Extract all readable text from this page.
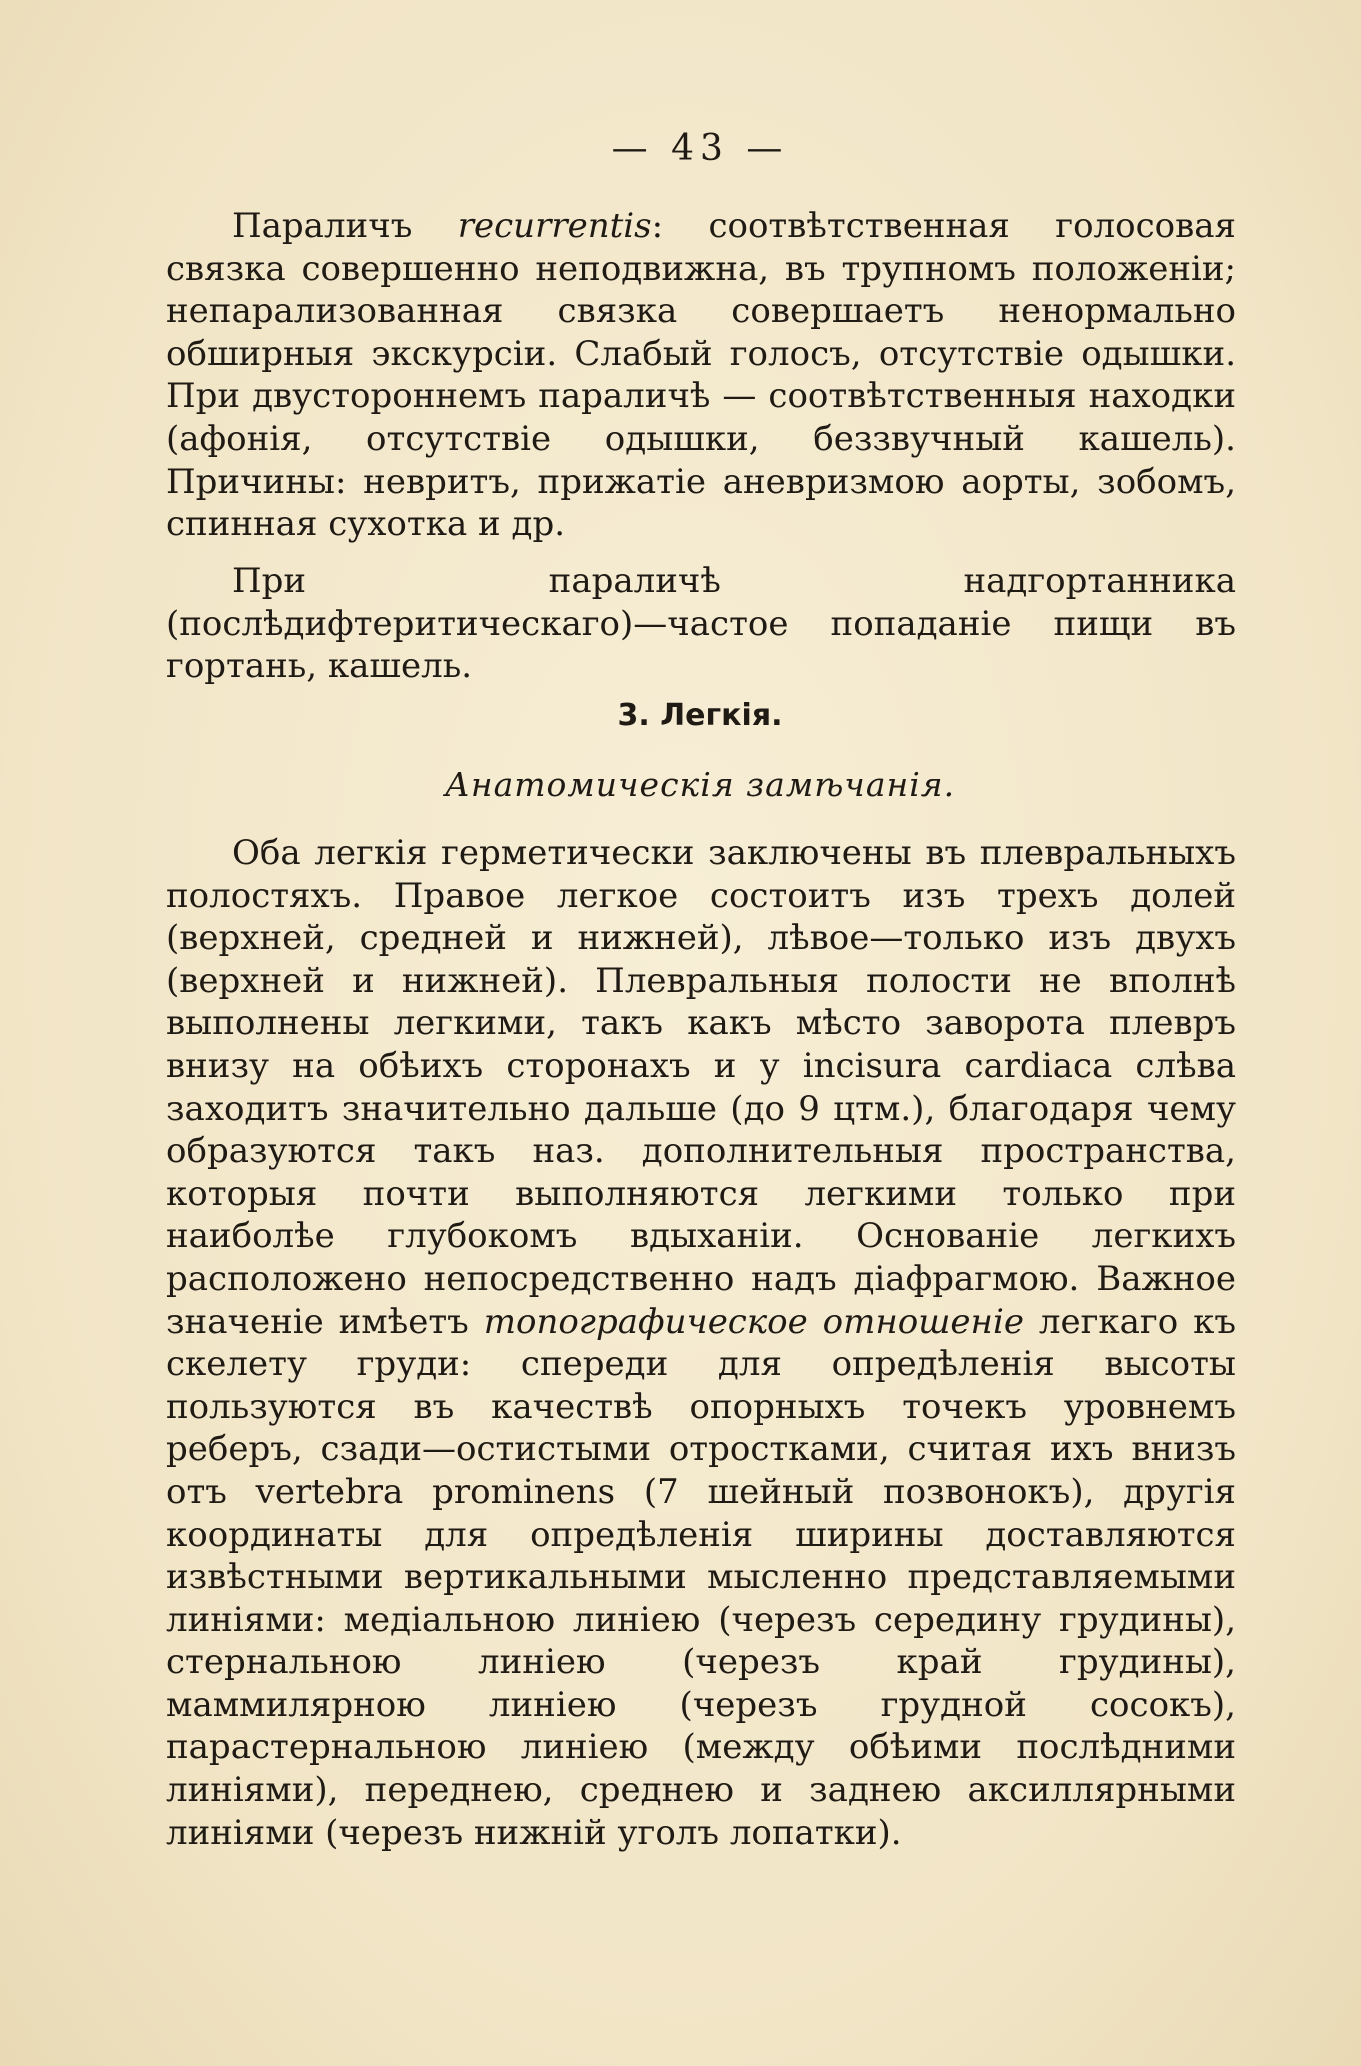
— 43 —

Параличъ recurrentis: соотвѣтственная голосовая связка совершенно неподвижна, въ трупномъ положеніи; непарализованная связка совершаетъ ненормально обширныя экскурсіи. Слабый голосъ, отсутствіе одышки. При двустороннемъ параличѣ — соотвѣтственныя находки (афонія, отсутствіе одышки, беззвучный кашель). Причины: невритъ, прижатіе аневризмою аорты, зобомъ, спинная сухотка и др.

При параличѣ надгортанника (послѣдифтеритическаго)—частое попаданіе пищи въ гортань, кашель.

3. Легкія.
Анатомическія замѣчанія.

Оба легкія герметически заключены въ плевральныхъ полостяхъ. Правое легкое состоитъ изъ трехъ долей (верхней, средней и нижней), лѣвое—только изъ двухъ (верхней и нижней). Плевральныя полости не вполнѣ выполнены легкими, такъ какъ мѣсто заворота плевръ внизу на обѣихъ сторонахъ и у incisura cardiaca слѣва заходитъ значительно дальше (до 9 цтм.), благодаря чему образуются такъ наз. дополнительныя пространства, которыя почти выполняются легкими только при наиболѣе глубокомъ вдыханіи. Основаніе легкихъ расположено непосредственно надъ діафрагмою. Важное значеніе имѣетъ топографическое отношеніе легкаго къ скелету груди: спереди для опредѣленія высоты пользуются въ качествѣ опорныхъ точекъ уровнемъ реберъ, сзади—остистыми отростками, считая ихъ внизъ отъ vertebra prominens (7 шейный позвонокъ), другія координаты для опредѣленія ширины доставляются извѣстными вертикальными мысленно представляемыми линіями: медіальною линіею (черезъ середину грудины), стернальною линіею (черезъ край грудины), маммилярною линіею (черезъ грудной сосокъ), парастернальною линіею (между обѣими послѣдними линіями), переднею, среднею и заднею аксиллярными линіями (черезъ нижній уголъ лопатки).
